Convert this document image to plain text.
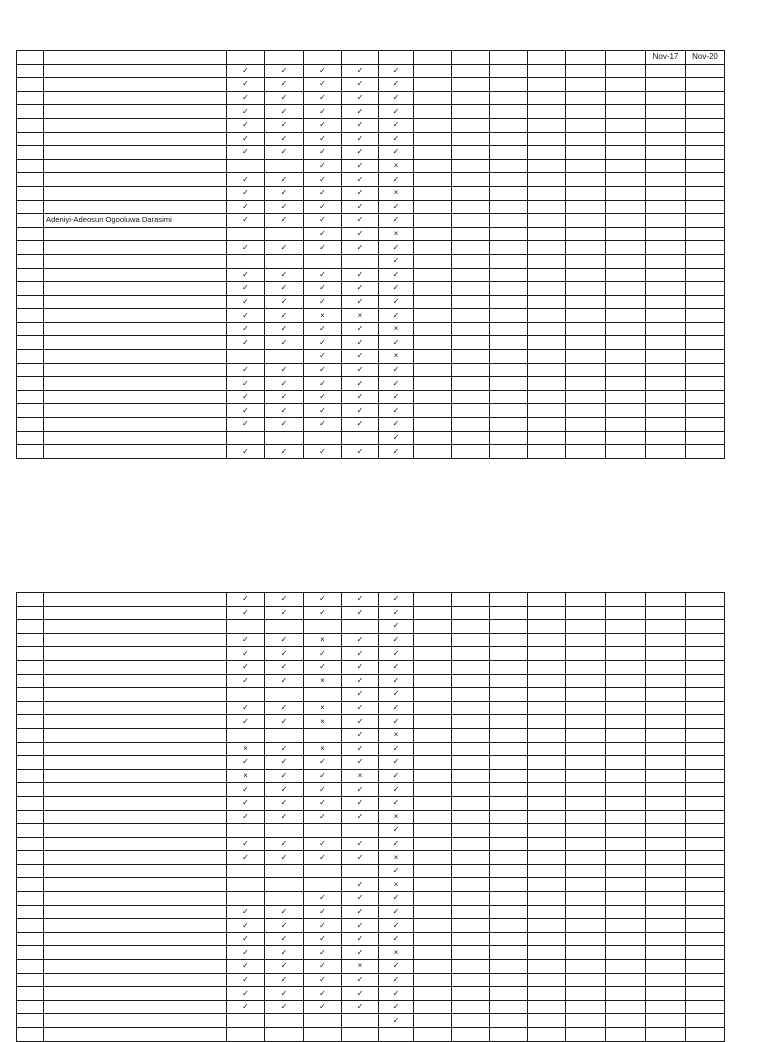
													Nov-17	Nov-20
		✓	✓	✓	✓	✓								
		✓	✓	✓	✓	✓								
		✓	✓	✓	✓	✓								
		✓	✓	✓	✓	✓								
		✓	✓	✓	✓	✓								
		✓	✓	✓	✓	✓								
		✓	✓	✓	✓	✓								
				✓	✓	×								
		✓	✓	✓	✓	✓								
		✓	✓	✓	✓	×								
		✓	✓	✓	✓	✓								
	Adeniyi-Adeosun Ogooluwa Darasimi	✓	✓	✓	✓	✓								
				✓	✓	×								
		✓	✓	✓	✓	✓								
						✓								
		✓	✓	✓	✓	✓								
		✓	✓	✓	✓	✓								
		✓	✓	✓	✓	✓								
		✓	✓	×	×	✓								
		✓	✓	✓	✓	×								
		✓	✓	✓	✓	✓								
				✓	✓	×								
		✓	✓	✓	✓	✓								
		✓	✓	✓	✓	✓								
		✓	✓	✓	✓	✓								
		✓	✓	✓	✓	✓								
		✓	✓	✓	✓	✓								
						✓								
		✓	✓	✓	✓	✓								
		✓	✓	✓	✓	✓								
		✓	✓	✓	✓	✓								
						✓								
		✓	✓	×	✓	✓								
		✓	✓	✓	✓	✓								
		✓	✓	✓	✓	✓								
		✓	✓	×	✓	✓								
					✓	✓								
		✓	✓	×	✓	✓								
		✓	✓	×	✓	✓								
					✓	×								
		×	✓	×	✓	✓								
		✓	✓	✓	✓	✓								
		×	✓	✓	×	✓								
		✓	✓	✓	✓	✓								
		✓	✓	✓	✓	✓								
		✓	✓	✓	✓	×								
						✓								
		✓	✓	✓	✓	✓								
		✓	✓	✓	✓	×								
						✓								
					✓	×								
				✓	✓	✓								
		✓	✓	✓	✓	✓								
		✓	✓	✓	✓	✓								
		✓	✓	✓	✓	✓								
		✓	✓	✓	✓	×								
		✓	✓	✓	×	✓								
		✓	✓	✓	✓	✓								
		✓	✓	✓	✓	✓								
		✓	✓	✓	✓	✓								
						✓								
